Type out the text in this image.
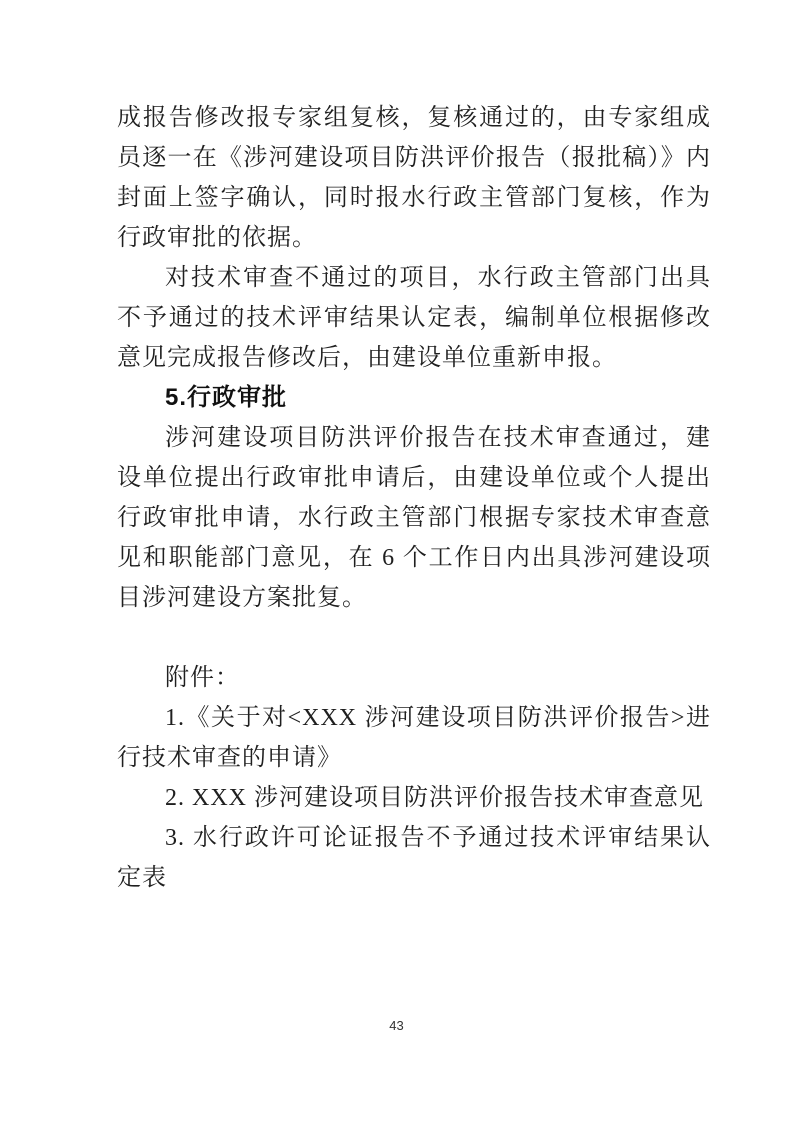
成报告修改报专家组复核，复核通过的，由专家组成员逐一在《涉河建设项目防洪评价报告（报批稿）》内封面上签字确认，同时报水行政主管部门复核，作为行政审批的依据。

对技术审查不通过的项目，水行政主管部门出具不予通过的技术评审结果认定表，编制单位根据修改意见完成报告修改后，由建设单位重新申报。

5.行政审批

涉河建设项目防洪评价报告在技术审查通过，建设单位提出行政审批申请后，由建设单位或个人提出行政审批申请，水行政主管部门根据专家技术审查意见和职能部门意见，在 6 个工作日内出具涉河建设项目涉河建设方案批复。

附件：

1.《关于对<XXX 涉河建设项目防洪评价报告>进行技术审查的申请》

2. XXX 涉河建设项目防洪评价报告技术审查意见

3. 水行政许可论证报告不予通过技术评审结果认定表

43
